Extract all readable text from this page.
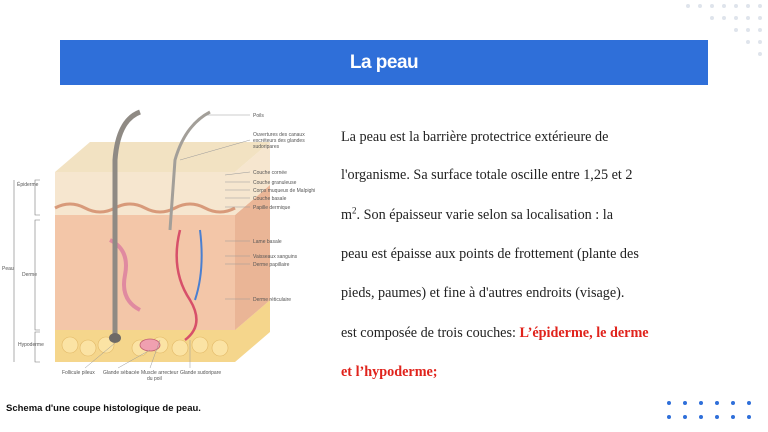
La peau
Poils
Ouvertures des canaux
excréteurs des glandes
sudoripares
Couche cornée
Couche granuleuse
Corps muqueux de Malpighi
Couche basale
Papille dermique
Lame basale
Vaisseaux sanguins
Derme papillaire
Derme réticulaire
Épiderme
Peau
Derme
Hypoderme
Follicule pileux Glande sébacée Muscle arrecteur
du poil
Glande sudoripare
Schema d'une coupe histologique de peau.
La peau est la barrière protectrice extérieure de
l'organisme. Sa surface totale oscille entre 1,25 et 2
$m^2$. Son épaisseur varie selon sa localisation : la
peau est épaisse aux points de frottement (plante des
pieds, paumes) et fine à d'autres endroits (visage).
est composée de trois couches: L’épiderme, le derme
et l’hypoderme;
